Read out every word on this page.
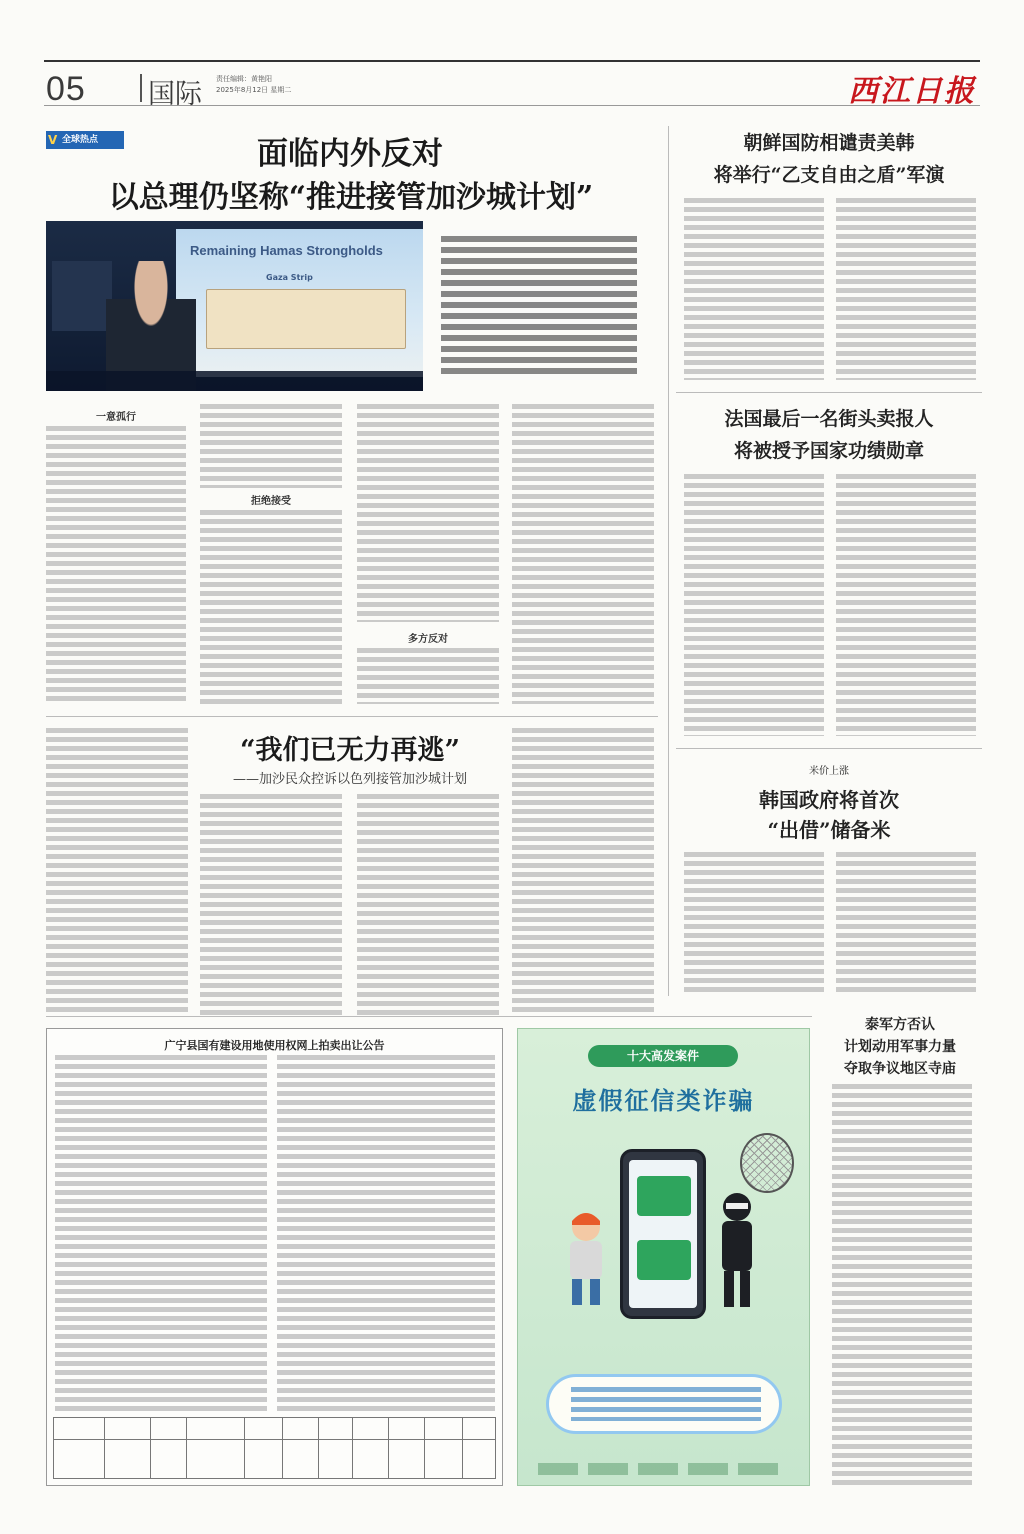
05 国际 责任编辑：黄艳阳
2025年8月12日 星期二	西江日报
V 全球热点	面临内外反对
以总理仍坚称“推进接管加沙城计划”
Remaining Hamas Strongholds
Gaza Strip
一意孤行
拒绝接受
多方反对
“我们已无力再逃”
——加沙民众控诉以色列接管加沙城计划
朝鲜国防相谴责美韩
将举行“乙支自由之盾”军演
法国最后一名街头卖报人
将被授予国家功绩勋章
米价上涨
韩国政府将首次
“出借”储备米
泰军方否认
计划动用军事力量
夺取争议地区寺庙
广宁县国有建设用地使用权网上拍卖出让公告
十大高发案件
虚假征信类诈骗
